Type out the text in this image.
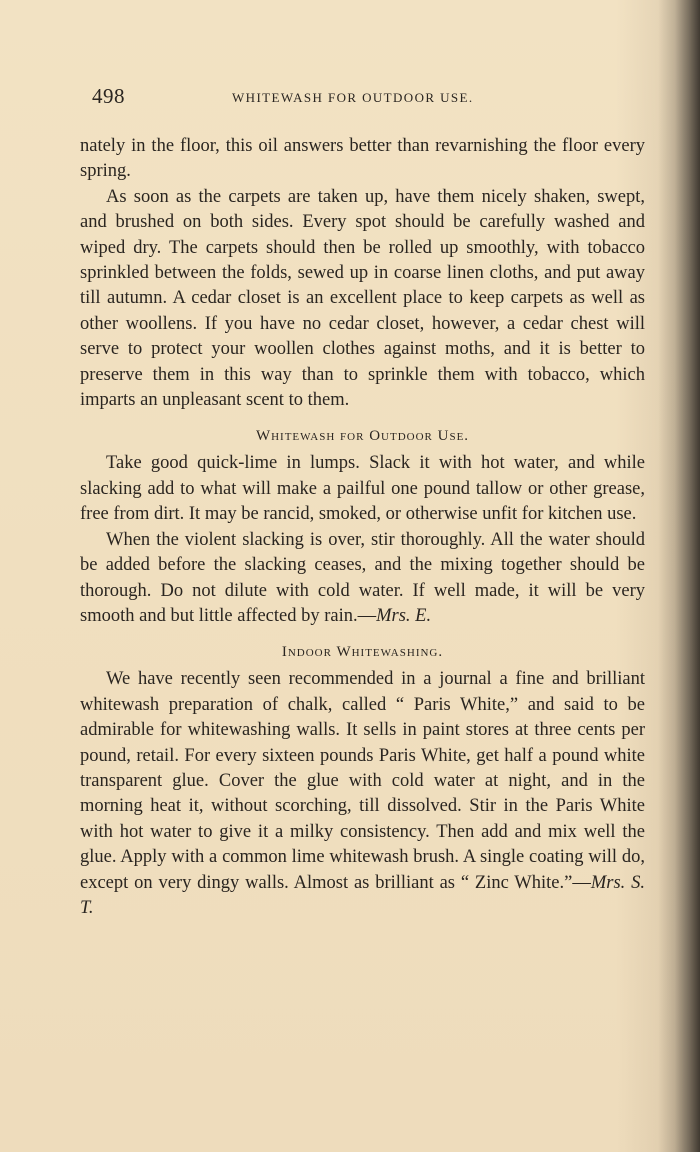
498	WHITEWASH FOR OUTDOOR USE.

nately in the floor, this oil answers better than revarnishing the floor every spring.

As soon as the carpets are taken up, have them nicely shaken, swept, and brushed on both sides. Every spot should be carefully washed and wiped dry. The carpets should then be rolled up smoothly, with tobacco sprinkled between the folds, sewed up in coarse linen cloths, and put away till autumn. A cedar closet is an excellent place to keep carpets as well as other woollens. If you have no cedar closet, however, a cedar chest will serve to protect your woollen clothes against moths, and it is better to preserve them in this way than to sprinkle them with tobacco, which imparts an unpleasant scent to them.

Whitewash for Outdoor Use.

Take good quick-lime in lumps. Slack it with hot water, and while slacking add to what will make a pailful one pound tallow or other grease, free from dirt. It may be rancid, smoked, or otherwise unfit for kitchen use.

When the violent slacking is over, stir thoroughly. All the water should be added before the slacking ceases, and the mixing together should be thorough. Do not dilute with cold water. If well made, it will be very smooth and but little affected by rain.—Mrs. E.

Indoor Whitewashing.

We have recently seen recommended in a journal a fine and brilliant whitewash preparation of chalk, called “ Paris White,” and said to be admirable for whitewashing walls. It sells in paint stores at three cents per pound, retail. For every sixteen pounds Paris White, get half a pound white transparent glue. Cover the glue with cold water at night, and in the morning heat it, without scorching, till dissolved. Stir in the Paris White with hot water to give it a milky consistency. Then add and mix well the glue. Apply with a common lime whitewash brush. A single coating will do, except on very dingy walls. Almost as brilliant as “ Zinc White.”—Mrs. S. T.
